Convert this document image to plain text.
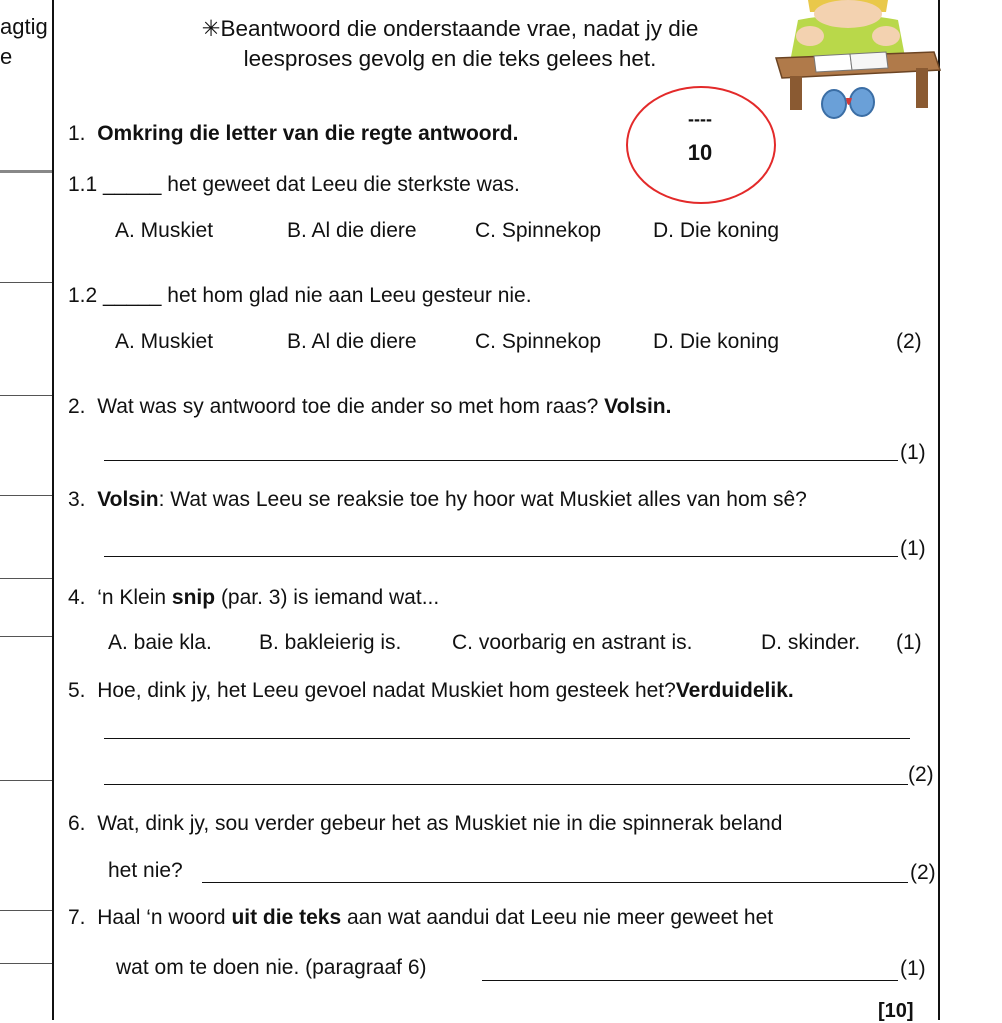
agtig
e
✳Beantwoord die onderstaande vrae, nadat jy die
leesproses gevolg en die teks gelees het.
----
10
1. Omkring die letter van die regte antwoord.
1.1 _____ het geweet dat Leeu die sterkste was.
A. Muskiet	B. Al die diere	C. Spinnekop D. Die koning
1.2 _____ het hom glad nie aan Leeu gesteur nie.
A. Muskiet	B. Al die diere	C. Spinnekop D. Die koning	(2)
2. Wat was sy antwoord toe die ander so met hom raas? Volsin.
(1)
3. Volsin: Wat was Leeu se reaksie toe hy hoor wat Muskiet alles van hom sê?
(1)
4. ‘n Klein snip (par. 3) is iemand wat...
A. baie kla. B. bakleierig is. C. voorbarig en astrant is.	D. skinder. (1)
5. Hoe, dink jy, het Leeu gevoel nadat Muskiet hom gesteek het?Verduidelik.
(2)
6. Wat, dink jy, sou verder gebeur het as Muskiet nie in die spinnerak beland
het nie?	(2)
7. Haal ‘n woord uit die teks aan wat aandui dat Leeu nie meer geweet het
wat om te doen nie. (paragraaf 6)	(1)
[10]
